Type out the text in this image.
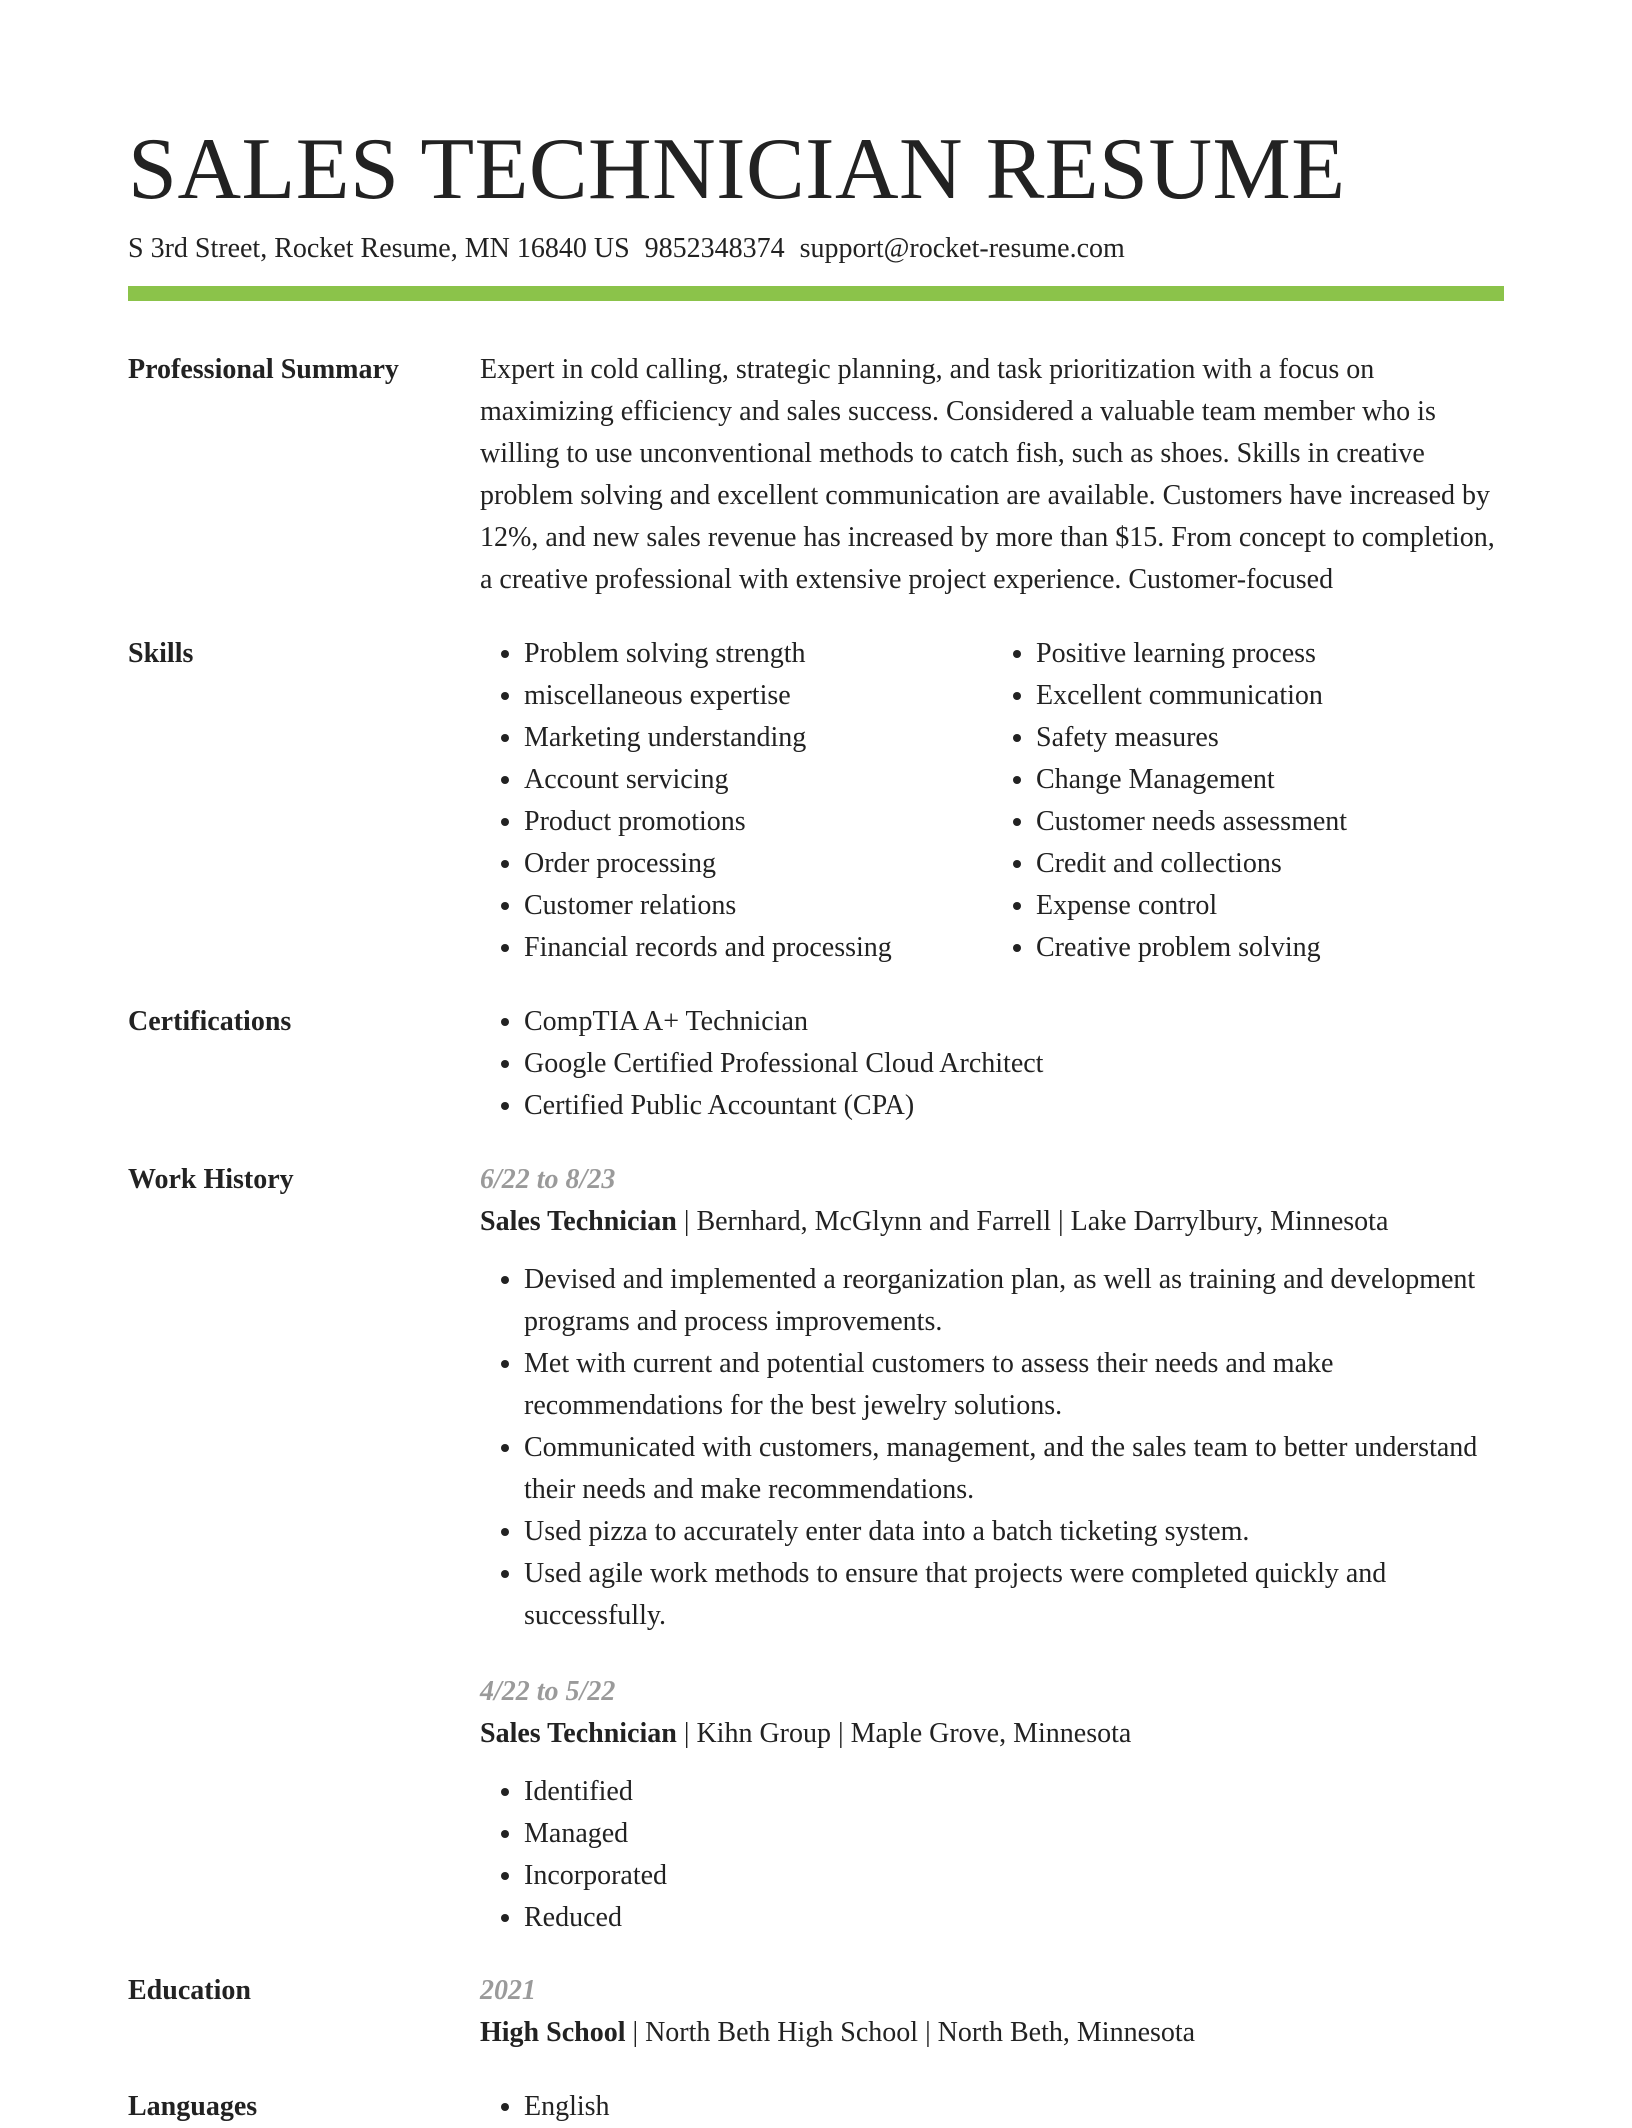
SALES TECHNICIAN RESUME
S 3rd Street, Rocket Resume, MN 16840 US 9852348374 support@rocket-resume.com
Professional Summary	Expert in cold calling, strategic planning, and task prioritization with a focus on maximizing efficiency and sales success. Considered a valuable team member who is willing to use unconventional methods to catch fish, such as shoes. Skills in creative problem solving and excellent communication are available. Customers have increased by 12%, and new sales revenue has increased by more than $15. From concept to completion, a creative professional with extensive project experience. Customer-focused

Skills	• Problem solving strength
• miscellaneous expertise
• Marketing understanding
• Account servicing
• Product promotions
• Order processing
• Customer relations
• Financial records and processing
• Positive learning process
• Excellent communication
• Safety measures
• Change Management
• Customer needs assessment
• Credit and collections
• Expense control
• Creative problem solving
Certifications	• CompTIA A+ Technician
• Google Certified Professional Cloud Architect
• Certified Public Accountant (CPA)
Work History	6/22 to 8/23
Sales Technician | Bernhard, McGlynn and Farrell | Lake Darrylbury, Minnesota
• Devised and implemented a reorganization plan, as well as training and development programs and process improvements.
• Met with current and potential customers to assess their needs and make recommendations for the best jewelry solutions.
• Communicated with customers, management, and the sales team to better understand their needs and make recommendations.
• Used pizza to accurately enter data into a batch ticketing system.
• Used agile work methods to ensure that projects were completed quickly and successfully.
4/22 to 5/22
Sales Technician | Kihn Group | Maple Grove, Minnesota
• Identified
• Managed
• Incorporated
• Reduced
Education	2021
High School | North Beth High School | North Beth, Minnesota
Languages	• English
